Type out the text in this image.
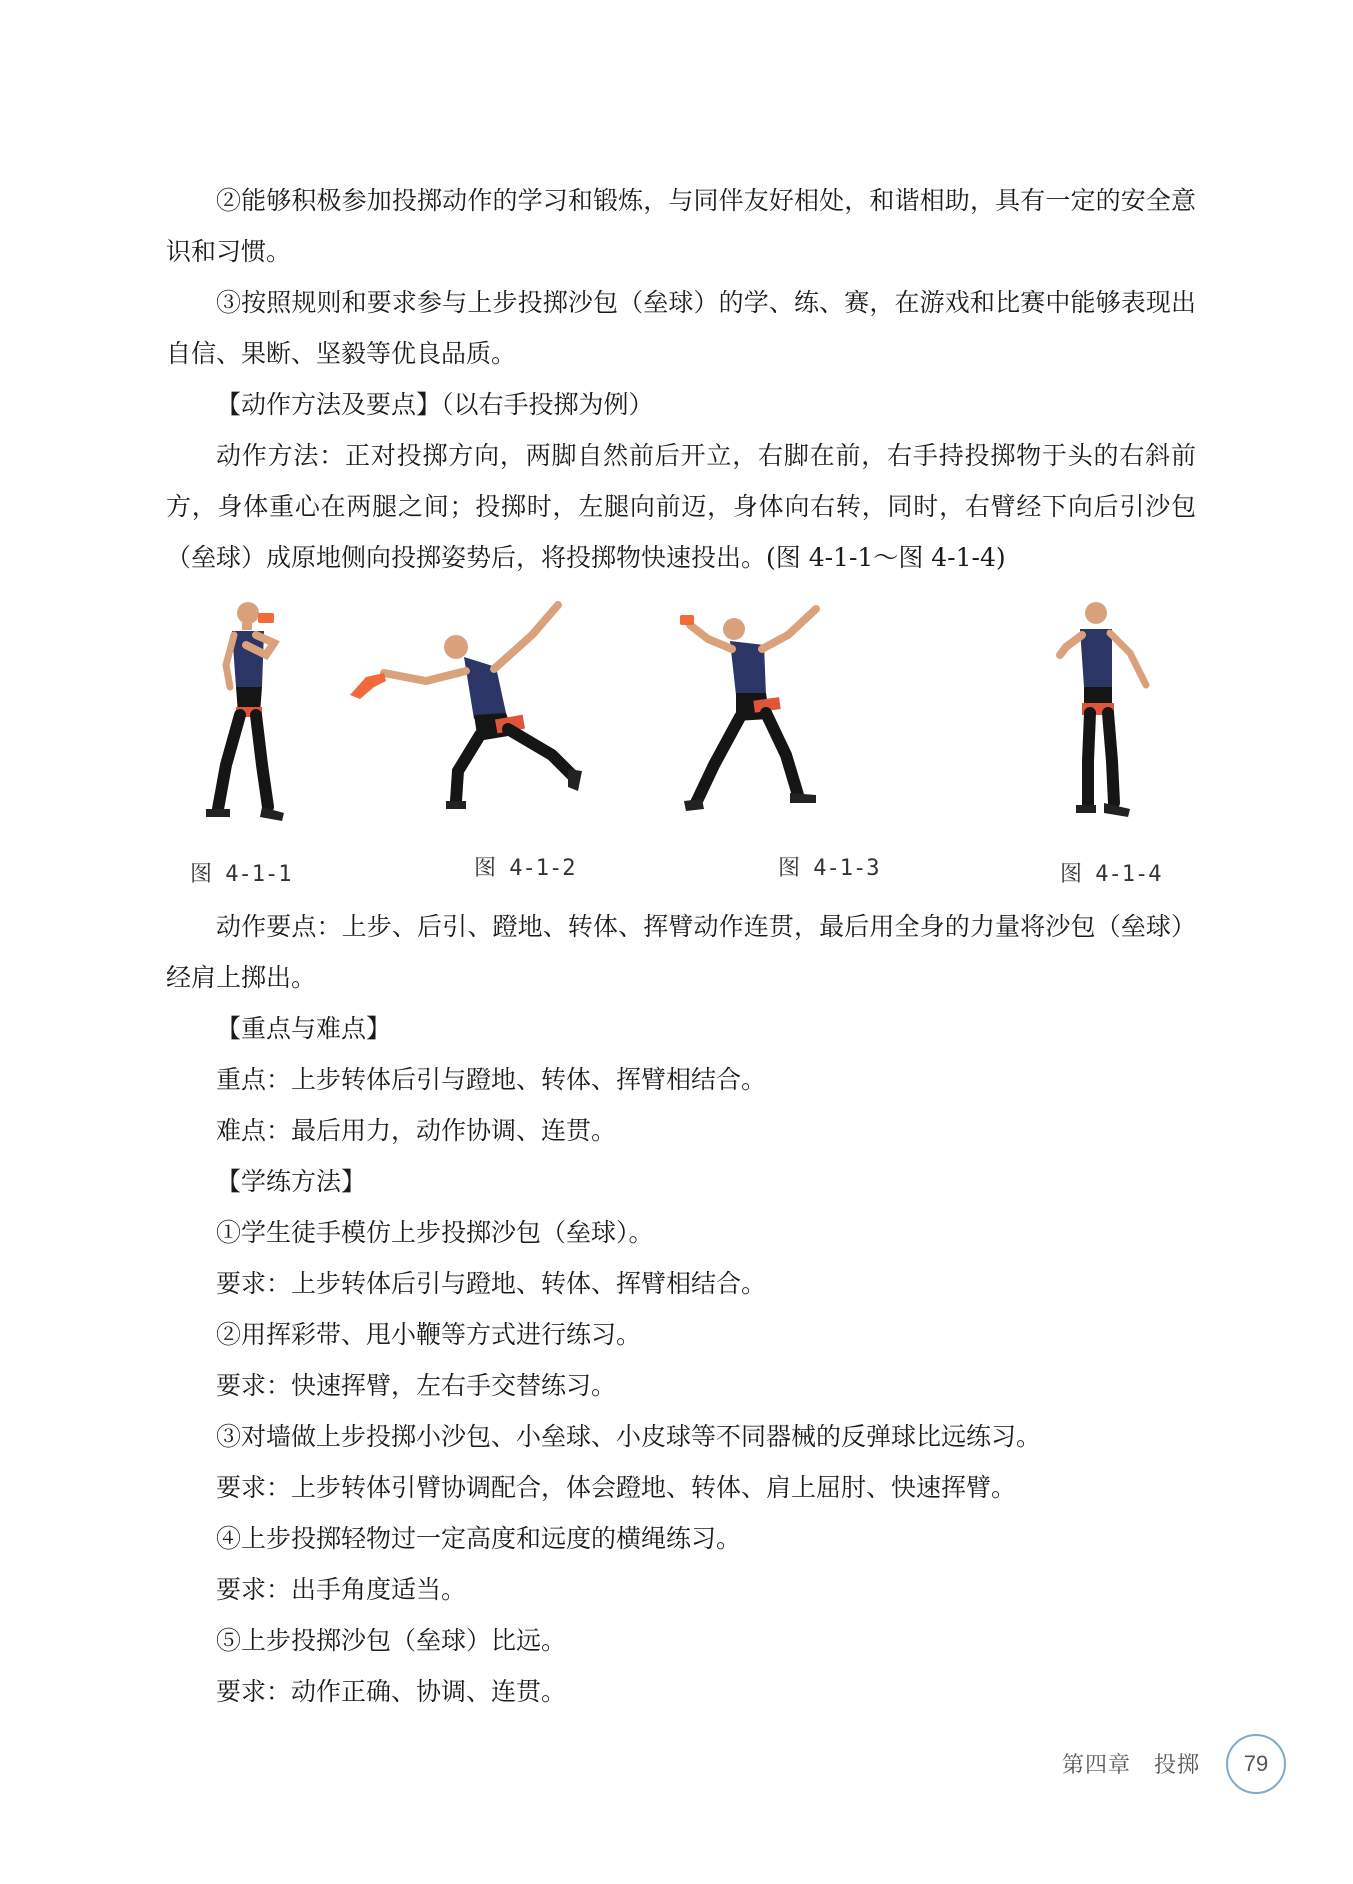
②能够积极参加投掷动作的学习和锻炼，与同伴友好相处，和谐相助，具有一定的安全意识和习惯。

③按照规则和要求参与上步投掷沙包（垒球）的学、练、赛，在游戏和比赛中能够表现出自信、果断、坚毅等优良品质。

【动作方法及要点】（以右手投掷为例）

动作方法：正对投掷方向，两脚自然前后开立，右脚在前，右手持投掷物于头的右斜前方，身体重心在两腿之间；投掷时，左腿向前迈，身体向右转，同时，右臂经下向后引沙包（垒球）成原地侧向投掷姿势后，将投掷物快速投出。(图 4-1-1～图 4-1-4)

图 4-1-1	图 4-1-2	图 4-1-3	图 4-1-4

动作要点：上步、后引、蹬地、转体、挥臂动作连贯，最后用全身的力量将沙包（垒球）经肩上掷出。

【重点与难点】

重点：上步转体后引与蹬地、转体、挥臂相结合。

难点：最后用力，动作协调、连贯。

【学练方法】

①学生徒手模仿上步投掷沙包（垒球）。

要求：上步转体后引与蹬地、转体、挥臂相结合。

②用挥彩带、甩小鞭等方式进行练习。

要求：快速挥臂，左右手交替练习。

③对墙做上步投掷小沙包、小垒球、小皮球等不同器械的反弹球比远练习。

要求：上步转体引臂协调配合，体会蹬地、转体、肩上屈肘、快速挥臂。

④上步投掷轻物过一定高度和远度的横绳练习。

要求：出手角度适当。

⑤上步投掷沙包（垒球）比远。

要求：动作正确、协调、连贯。

第四章　投掷 79
